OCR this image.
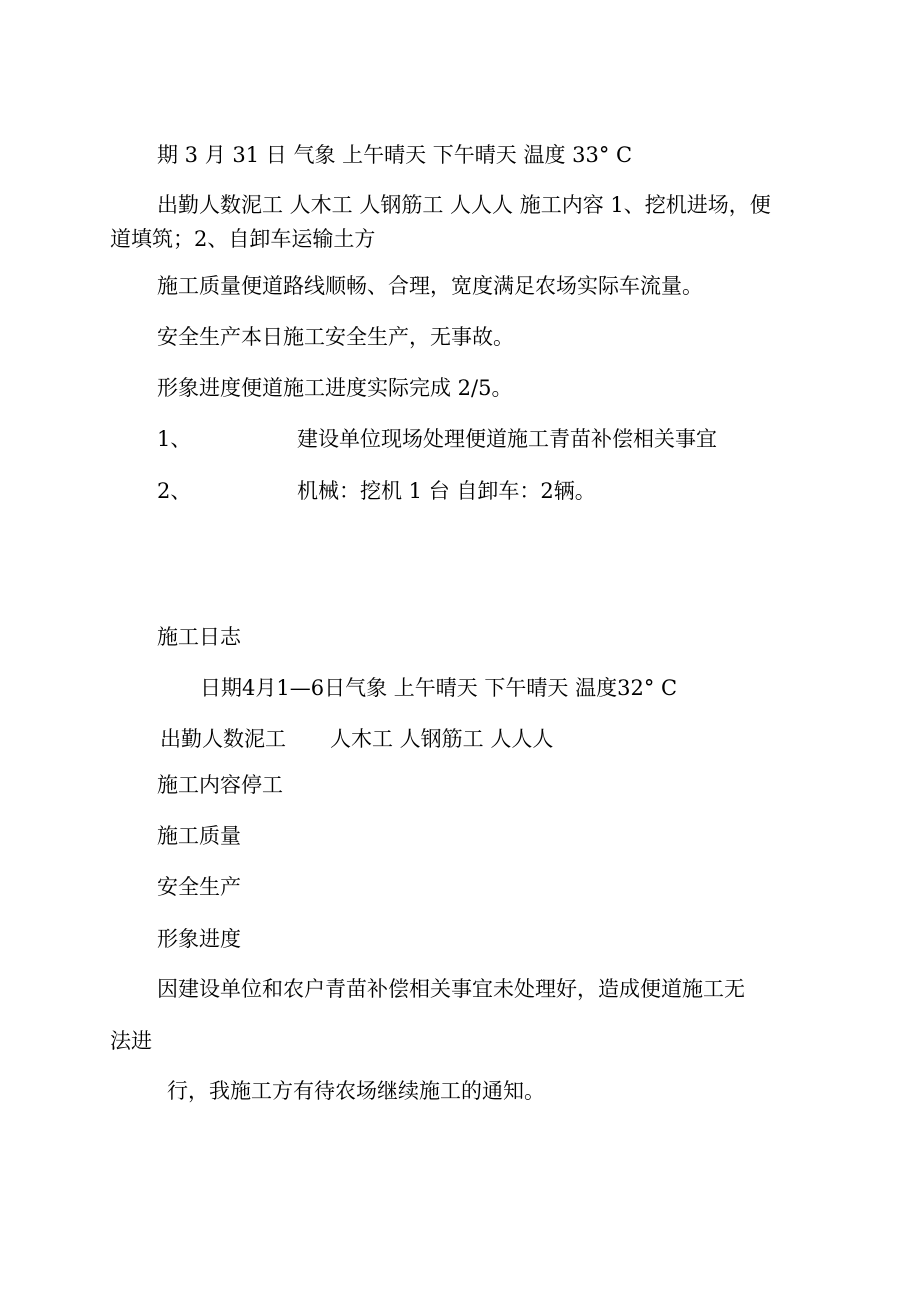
期 3 月 31 日 气象 上午晴天 下午晴天 温度 33° C
出勤人数泥工 人木工 人钢筋工 人人人 施工内容 1、挖机进场，便道填筑；2、自卸车运输土方
施工质量便道路线顺畅、合理，宽度满足农场实际车流量。
安全生产本日施工安全生产，无事故。
形象进度便道施工进度实际完成 2/5。
1、	建设单位现场处理便道施工青苗补偿相关事宜
2、	机械：挖机 1 台 自卸车：2辆。
施工日志
日期4月1—6日气象 上午晴天 下午晴天 温度32° C
出勤人数泥工 人木工 人钢筋工 人人人
施工内容停工
施工质量
安全生产
形象进度
因建设单位和农户青苗补偿相关事宜未处理好，造成便道施工无
法进
行，我施工方有待农场继续施工的通知。
